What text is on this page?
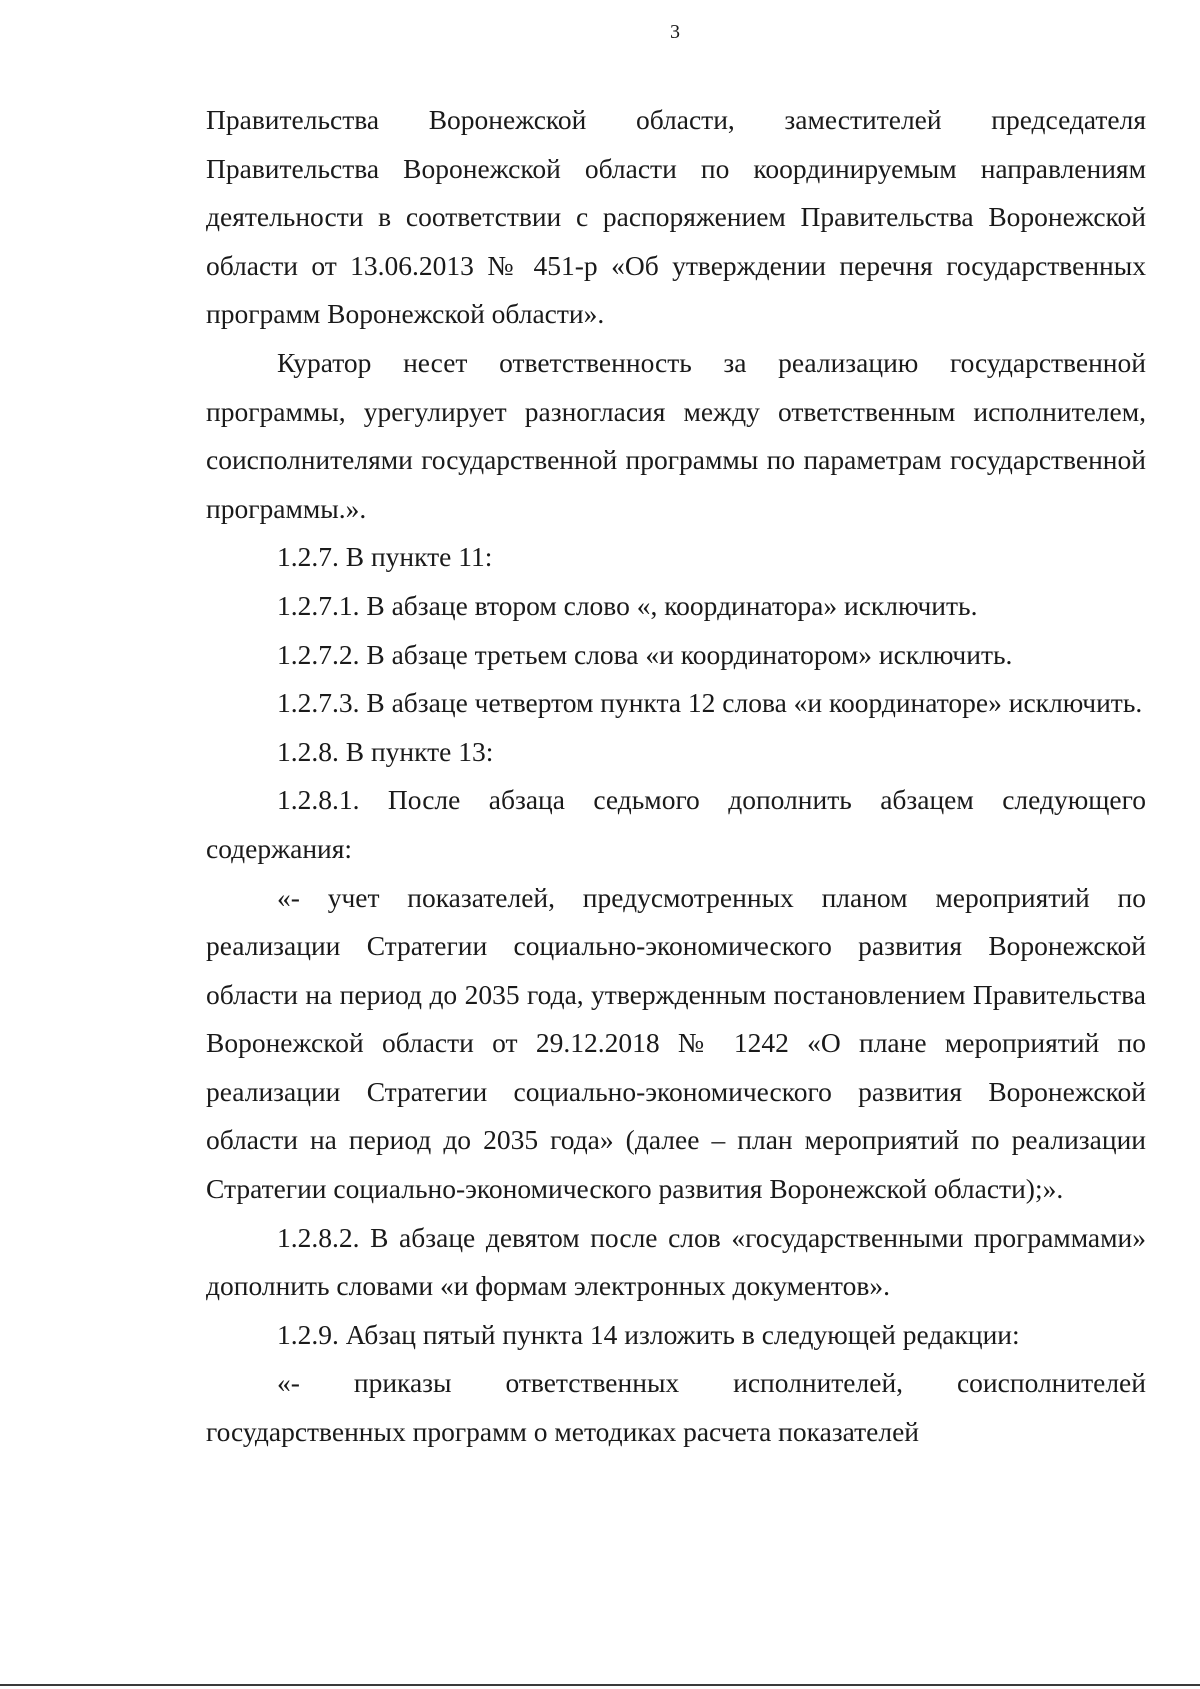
3

Правительства Воронежской области, заместителей председателя Правительства Воронежской области по координируемым направлениям деятельности в соответствии с распоряжением Правительства Воронежской области от 13.06.2013 № 451-р «Об утверждении перечня государственных программ Воронежской области».

Куратор несет ответственность за реализацию государственной программы, урегулирует разногласия между ответственным исполнителем, соисполнителями государственной программы по параметрам государственной программы.».

1.2.7. В пункте 11:

1.2.7.1. В абзаце втором слово «, координатора» исключить.

1.2.7.2. В абзаце третьем слова «и координатором» исключить.

1.2.7.3. В абзаце четвертом пункта 12 слова «и координаторе» исключить.

1.2.8. В пункте 13:

1.2.8.1. После абзаца седьмого дополнить абзацем следующего содержания:

«- учет показателей, предусмотренных планом мероприятий по реализации Стратегии социально-экономического развития Воронежской области на период до 2035 года, утвержденным постановлением Правительства Воронежской области от 29.12.2018 № 1242 «О плане мероприятий по реализации Стратегии социально-экономического развития Воронежской области на период до 2035 года» (далее – план мероприятий по реализации Стратегии социально-экономического развития Воронежской области);».

1.2.8.2. В абзаце девятом после слов «государственными программами» дополнить словами «и формам электронных документов».

1.2.9. Абзац пятый пункта 14 изложить в следующей редакции:

«- приказы ответственных исполнителей, соисполнителей государственных программ о методиках расчета показателей
